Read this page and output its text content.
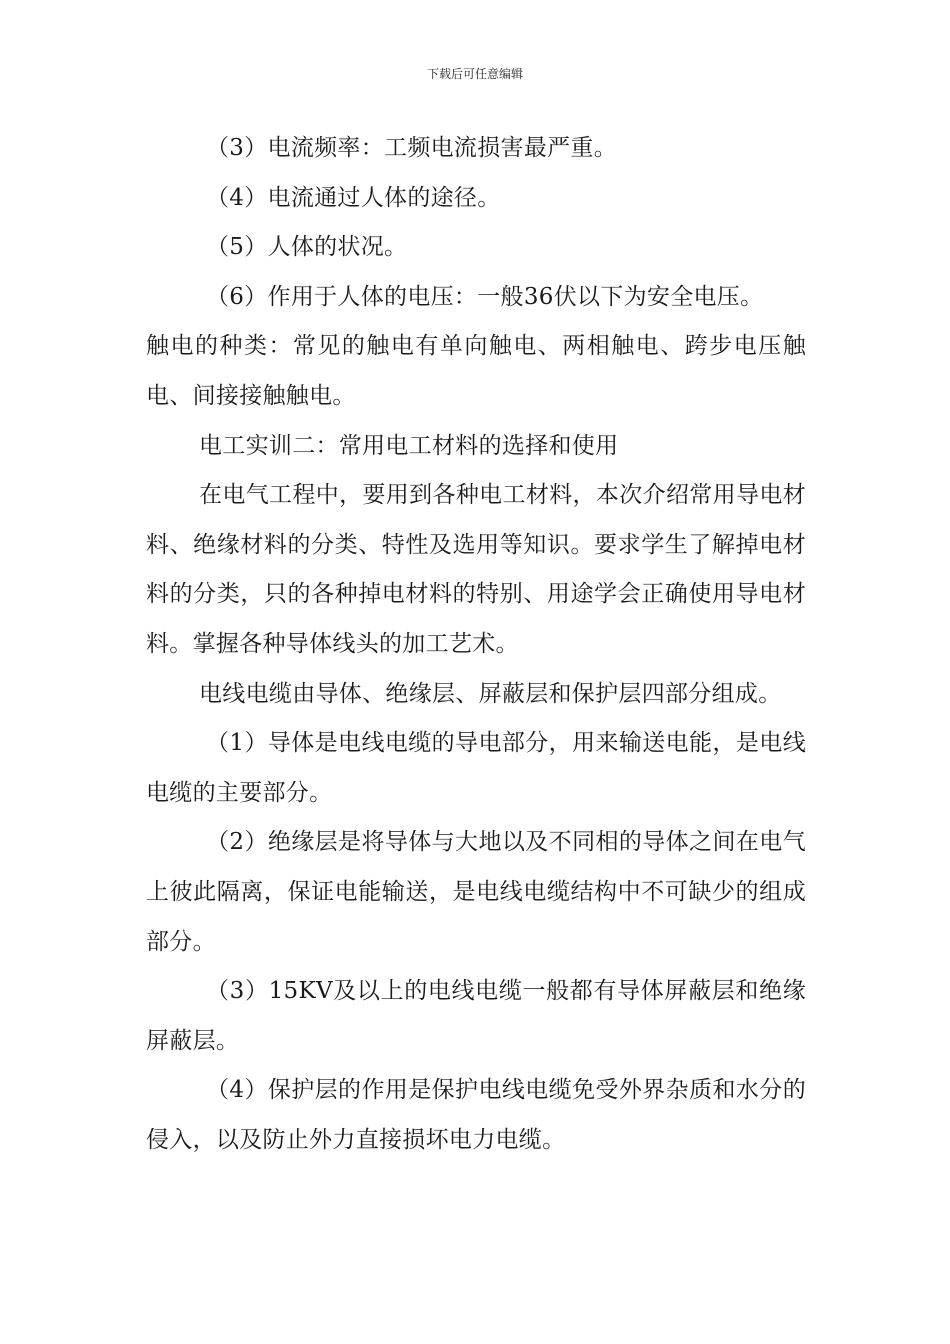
下载后可任意编辑

（3）电流频率：工频电流损害最严重。

（4）电流通过人体的途径。

（5）人体的状况。

（6）作用于人体的电压：一般36伏以下为安全电压。

触电的种类：常见的触电有单向触电、两相触电、跨步电压触电、间接接触触电。

电工实训二：常用电工材料的选择和使用

在电气工程中，要用到各种电工材料，本次介绍常用导电材料、绝缘材料的分类、特性及选用等知识。要求学生了解掉电材料的分类，只的各种掉电材料的特别、用途学会正确使用导电材料。掌握各种导体线头的加工艺术。

电线电缆由导体、绝缘层、屏蔽层和保护层四部分组成。

（1）导体是电线电缆的导电部分，用来输送电能，是电线电缆的主要部分。

（2）绝缘层是将导体与大地以及不同相的导体之间在电气上彼此隔离，保证电能输送，是电线电缆结构中不可缺少的组成部分。

（3）15KV及以上的电线电缆一般都有导体屏蔽层和绝缘屏蔽层。

（4）保护层的作用是保护电线电缆免受外界杂质和水分的侵入，以及防止外力直接损坏电力电缆。
